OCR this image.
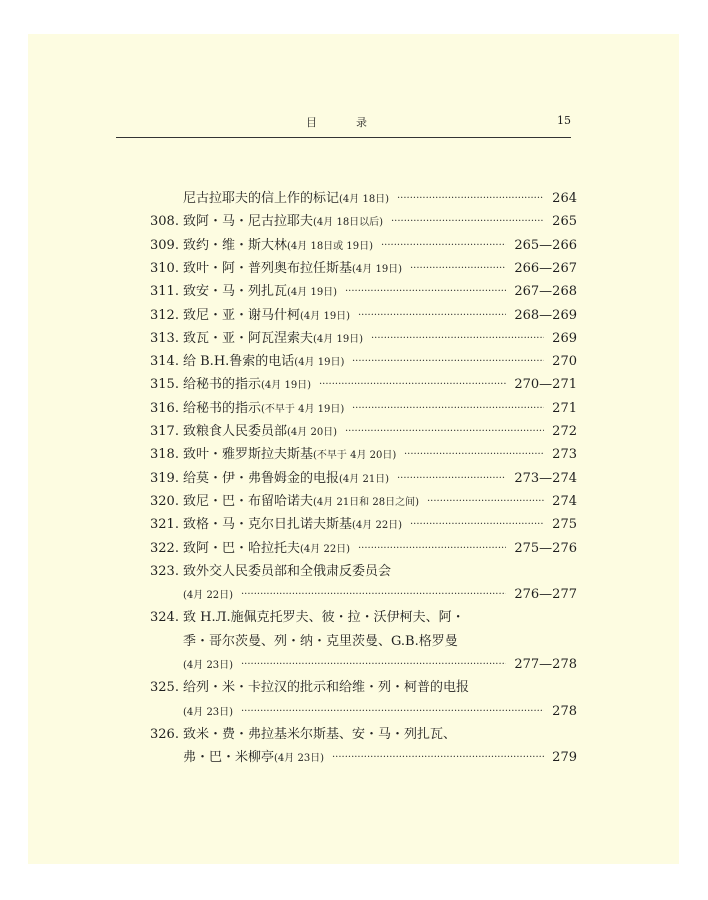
目　录	15
尼古拉耶夫的信上作的标记(4月 18日)	264
·····
308. 致阿・马・尼古拉耶夫(4月 18日以后)	265
·····
309. 致约・维・斯大林(4月 18日或 19日)	265—266
·····
310. 致叶・阿・普列奥布拉任斯基(4月 19日)	266—267
·····
311. 致安・马・列扎瓦(4月 19日)	267—268
·····
312. 致尼・亚・谢马什柯(4月 19日)	268—269
·····
313. 致瓦・亚・阿瓦涅索夫(4月 19日)	269
·····
314. 给 B.H.鲁索的电话(4月 19日)	270
·····
315. 给秘书的指示(4月 19日)	270—271
·····
316. 给秘书的指示(不早于 4月 19日)	271
·····
317. 致粮食人民委员部(4月 20日)	272
·····
318. 致叶・雅罗斯拉夫斯基(不早于 4月 20日)	273
·····
319. 给莫・伊・弗鲁姆金的电报(4月 21日)	273—274
·····
320. 致尼・巴・布留哈诺夫(4月 21日和 28日之间)	274
·····
321. 致格・马・克尔日扎诺夫斯基(4月 22日)	275
·····
322. 致阿・巴・哈拉托夫(4月 22日)	275—276
·····
323. 致外交人民委员部和全俄肃反委员会
(4月 22日)	276—277
·····
324. 致 H.Л.施佩克托罗夫、彼・拉・沃伊柯夫、阿・
季・哥尔茨曼、列・纳・克里茨曼、G.B.格罗曼
(4月 23日)	277—278
·····
325. 给列・米・卡拉汉的批示和给维・列・柯普的电报
(4月 23日)	278
·····
326. 致米・费・弗拉基米尔斯基、安・马・列扎瓦、
弗・巴・米柳亭(4月 23日)	279
·····
